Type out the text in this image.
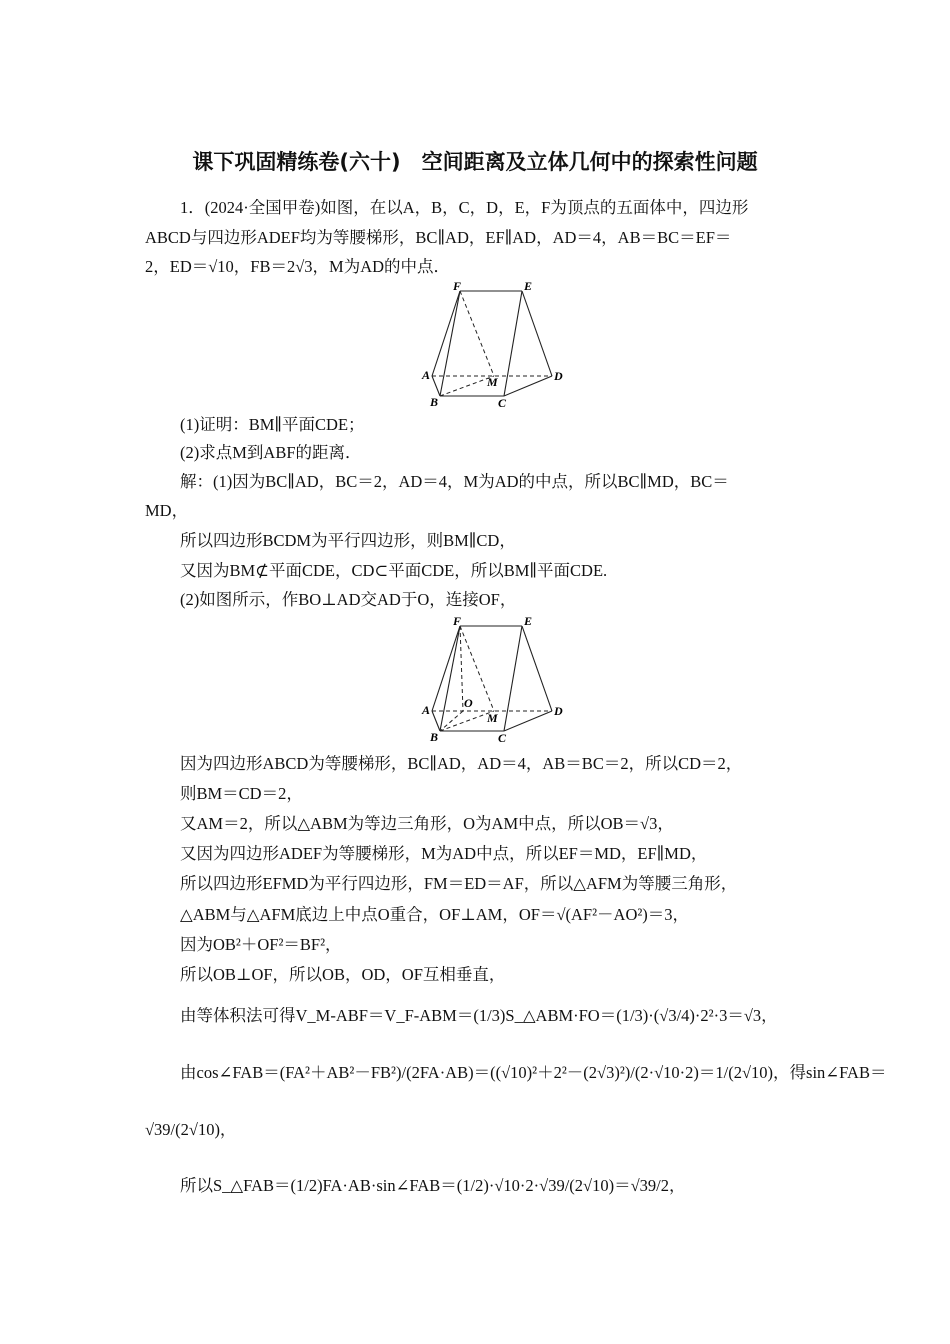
课下巩固精练卷(六十)　空间距离及立体几何中的探索性问题
1．(2024·全国甲卷)如图，在以A，B，C，D，E，F为顶点的五面体中，四边形
ABCD与四边形ADEF均为等腰梯形，BC∥AD，EF∥AD，AD＝4，AB＝BC＝EF＝
2，ED＝√10，FB＝2√3，M为AD的中点．
F	E
A	M	D
B	C
(1)证明：BM∥平面CDE；
(2)求点M到ABF的距离．
解：(1)因为BC∥AD，BC＝2，AD＝4，M为AD的中点，所以BC∥MD，BC＝
MD，
所以四边形BCDM为平行四边形，则BM∥CD，
又因为BM⊄平面CDE，CD⊂平面CDE，所以BM∥平面CDE.
(2)如图所示，作BO⊥AD交AD于O，连接OF，
F	E
A	O
M	D
B	C
因为四边形ABCD为等腰梯形，BC∥AD，AD＝4，AB＝BC＝2，所以CD＝2，
则BM＝CD＝2，
又AM＝2，所以△ABM为等边三角形，O为AM中点，所以OB＝√3，
又因为四边形ADEF为等腰梯形，M为AD中点，所以EF＝MD，EF∥MD，
所以四边形EFMD为平行四边形，FM＝ED＝AF，所以△AFM为等腰三角形，
△ABM与△AFM底边上中点O重合，OF⊥AM，OF＝√(AF²－AO²)＝3，
因为OB²＋OF²＝BF²，
所以OB⊥OF，所以OB，OD，OF互相垂直，
由等体积法可得V_M-ABF＝V_F-ABM＝(1/3)S_△ABM·FO＝(1/3)·(√3/4)·2²·3＝√3，
由cos∠FAB＝(FA²＋AB²－FB²)/(2FA·AB)＝((√10)²＋2²－(2√3)²)/(2·√10·2)＝1/(2√10)，得sin∠FAB＝
√39/(2√10)，
所以S_△FAB＝(1/2)FA·AB·sin∠FAB＝(1/2)·√10·2·√39/(2√10)＝√39/2，
